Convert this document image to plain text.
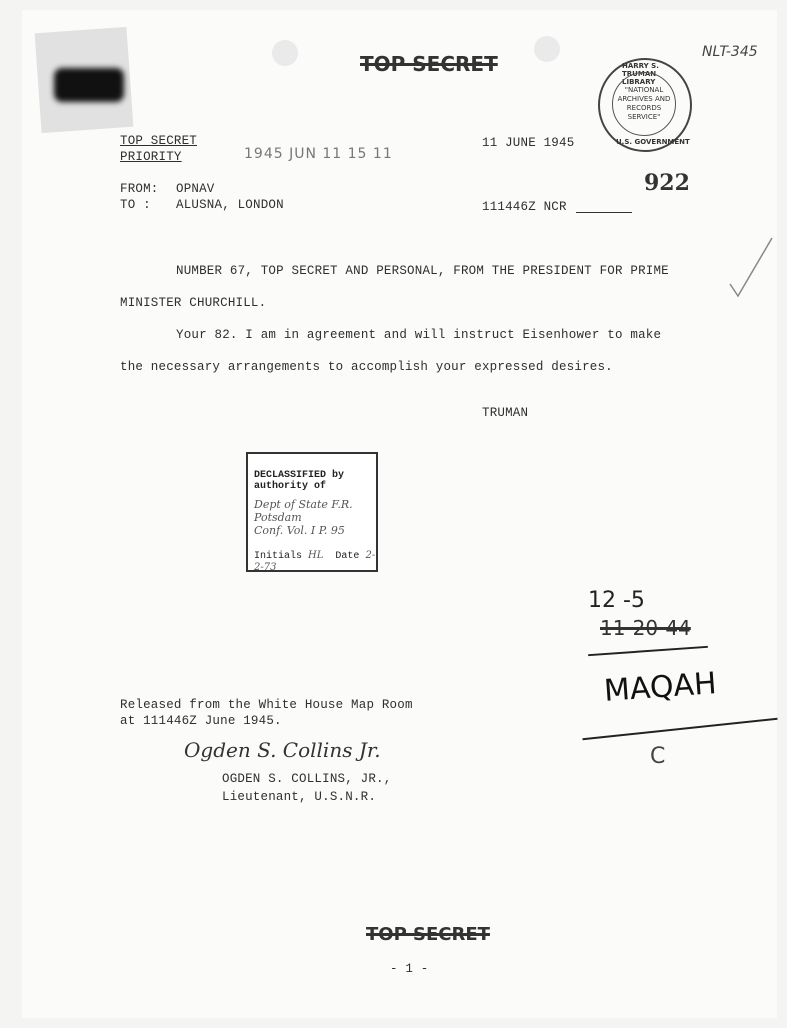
TOP SECRET	NLT-345
HARRY S. TRUMAN LIBRARY
"NATIONAL ARCHIVES AND RECORDS SERVICE"
U.S. GOVERNMENT
TOP SECRET
PRIORITY	1945 JUN 11 15 11
11 JUNE 1945
922
FROM: OPNAV
TO : ALUSNA, LONDON	111446Z NCR
NUMBER 67, TOP SECRET AND PERSONAL, FROM THE PRESIDENT FOR PRIME
MINISTER CHURCHILL.
Your 82. I am in agreement and will instruct Eisenhower to make
the necessary arrangements to accomplish your expressed desires.
TRUMAN
DECLASSIFIED by authority of
Dept of State F.R. Potsdam
Conf. Vol. I P. 95
Initials HL Date 2-2-73
12 -5
11-20-44
MAQAH
C
Released from the White House Map Room
at 111446Z June 1945.
Ogden S. Collins Jr.
OGDEN S. COLLINS, JR.,
Lieutenant, U.S.N.R.
TOP SECRET
- 1 -
